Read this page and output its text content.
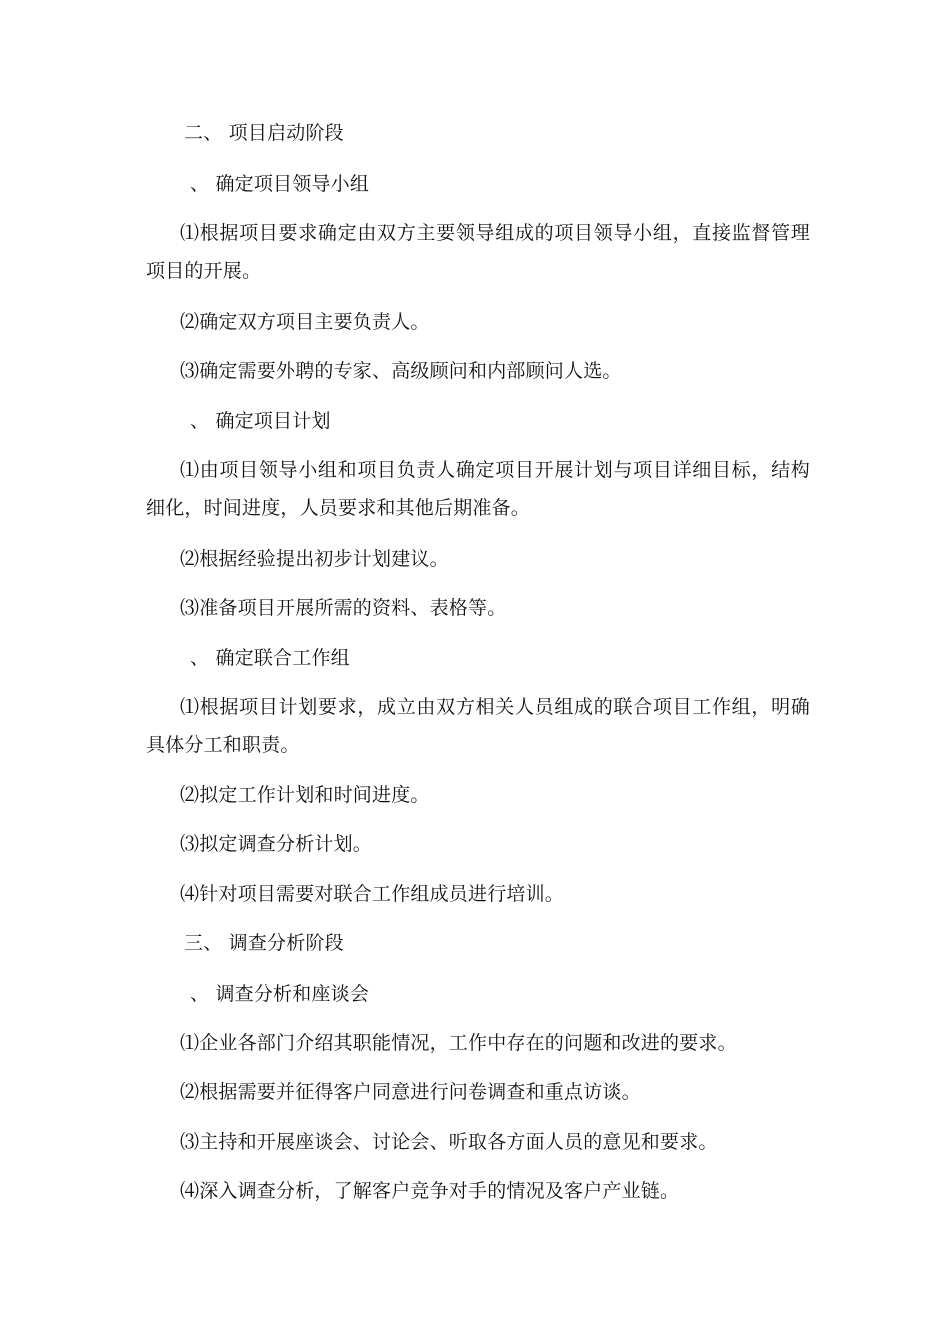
二、 项目启动阶段
、 确定项目领导小组
⑴根据项目要求确定由双方主要领导组成的项目领导小组，直接监督管理项目的开展。
⑵确定双方项目主要负责人。
⑶确定需要外聘的专家、高级顾问和内部顾问人选。
、 确定项目计划
⑴由项目领导小组和项目负责人确定项目开展计划与项目详细目标，结构细化，时间进度，人员要求和其他后期准备。
⑵根据经验提出初步计划建议。
⑶准备项目开展所需的资料、表格等。
、 确定联合工作组
⑴根据项目计划要求，成立由双方相关人员组成的联合项目工作组，明确具体分工和职责。
⑵拟定工作计划和时间进度。
⑶拟定调查分析计划。
⑷针对项目需要对联合工作组成员进行培训。
三、 调查分析阶段
、 调查分析和座谈会
⑴企业各部门介绍其职能情况，工作中存在的问题和改进的要求。
⑵根据需要并征得客户同意进行问卷调查和重点访谈。
⑶主持和开展座谈会、讨论会、听取各方面人员的意见和要求。
⑷深入调查分析，了解客户竞争对手的情况及客户产业链。
